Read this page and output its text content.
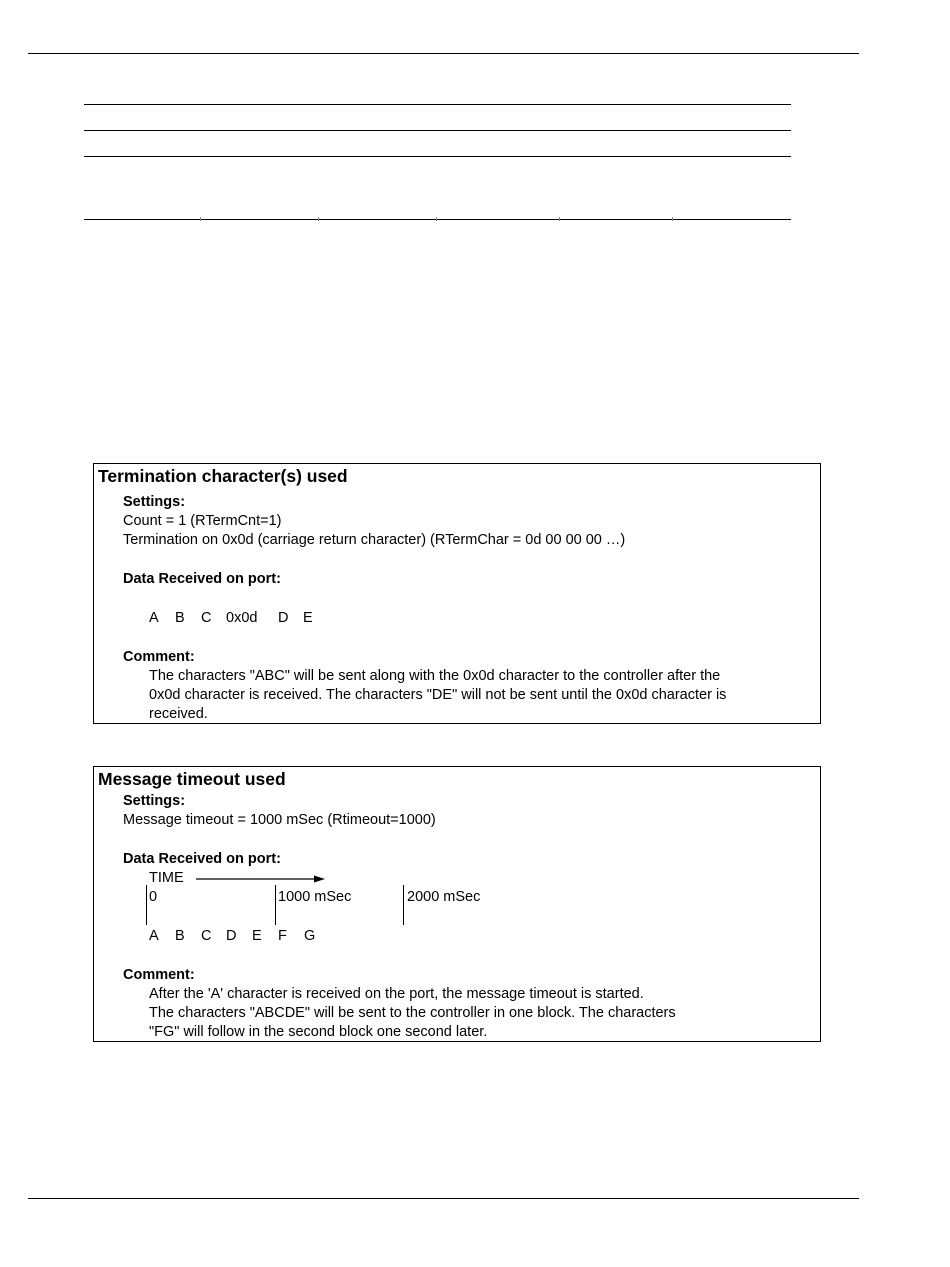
Termination character(s) used
Settings:
Count = 1 (RTermCnt=1)
Termination on 0x0d (carriage return character) (RTermChar = 0d 00 00 00 …)
Data Received on port:
A B C 0x0d D E
Comment:
The characters "ABC" will be sent along with the 0x0d character to the controller after the
0x0d character is received. The characters "DE" will not be sent until the 0x0d character is
received.
Message timeout used
Settings:
Message timeout = 1000 mSec (Rtimeout=1000)
Data Received on port:
TIME
0	1000 mSec	2000 mSec
A B C D E F G
Comment:
After the 'A' character is received on the port, the message timeout is started.
The characters "ABCDE" will be sent to the controller in one block. The characters
"FG" will follow in the second block one second later.
